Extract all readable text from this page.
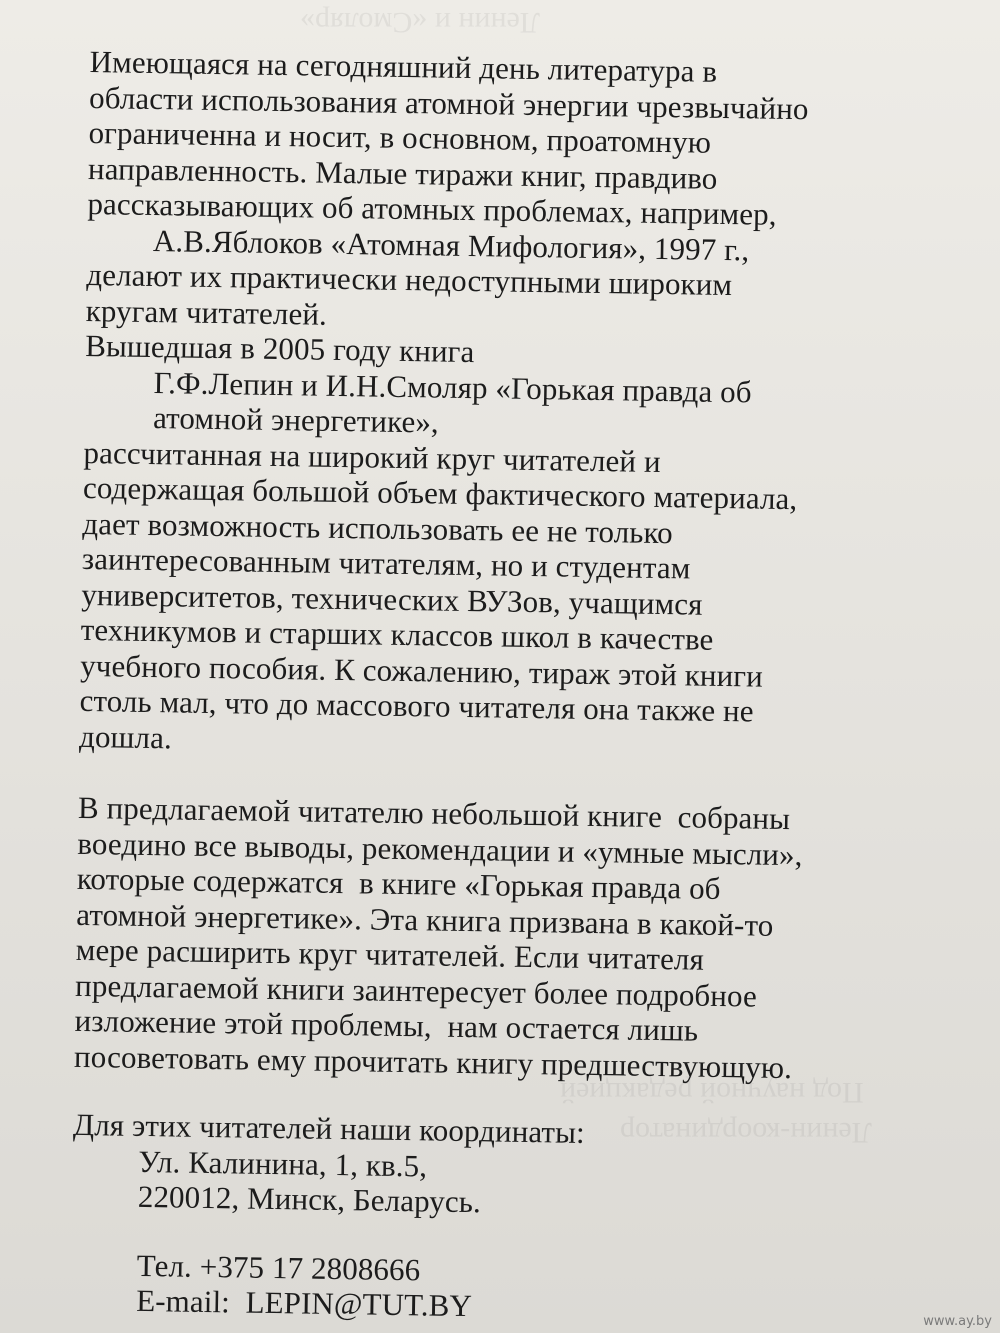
Ленин и «Смоляр»
Под научной редакцией
Ленин-координатор
Имеющаяся на сегодняшний день литература в
области использования атомной энергии чрезвычайно
ограниченна и носит, в основном, проатомную
направленность. Малые тиражи книг, правдиво
рассказывающих об атомных проблемах, например,
А.В.Яблоков «Атомная Мифология», 1997 г.,
делают их практически недоступными широким
кругам читателей.
Вышедшая в 2005 году книга
Г.Ф.Лепин и И.Н.Смоляр «Горькая правда об
атомной энергетике»,
рассчитанная на широкий круг читателей и
содержащая большой объем фактического материала,
дает возможность использовать ее не только
заинтересованным читателям, но и студентам
университетов, технических ВУЗов, учащимся
техникумов и старших классов школ в качестве
учебного пособия. К сожалению, тираж этой книги
столь мал, что до массового читателя она также не
дошла.
В предлагаемой читателю небольшой книге  собраны
воедино все выводы, рекомендации и «умные мысли»,
которые содержатся  в книге «Горькая правда об
атомной энергетике». Эта книга призвана в какой-то
мере расширить круг читателей. Если читателя
предлагаемой книги заинтересует более подробное
изложение этой проблемы,  нам остается лишь
посоветовать ему прочитать книгу предшествующую.
Для этих читателей наши координаты:
Ул. Калинина, 1, кв.5,
220012, Минск, Беларусь.
Тел. +375 17 2808666
E-mail: LEPIN@TUT.BY	www.ay.by
